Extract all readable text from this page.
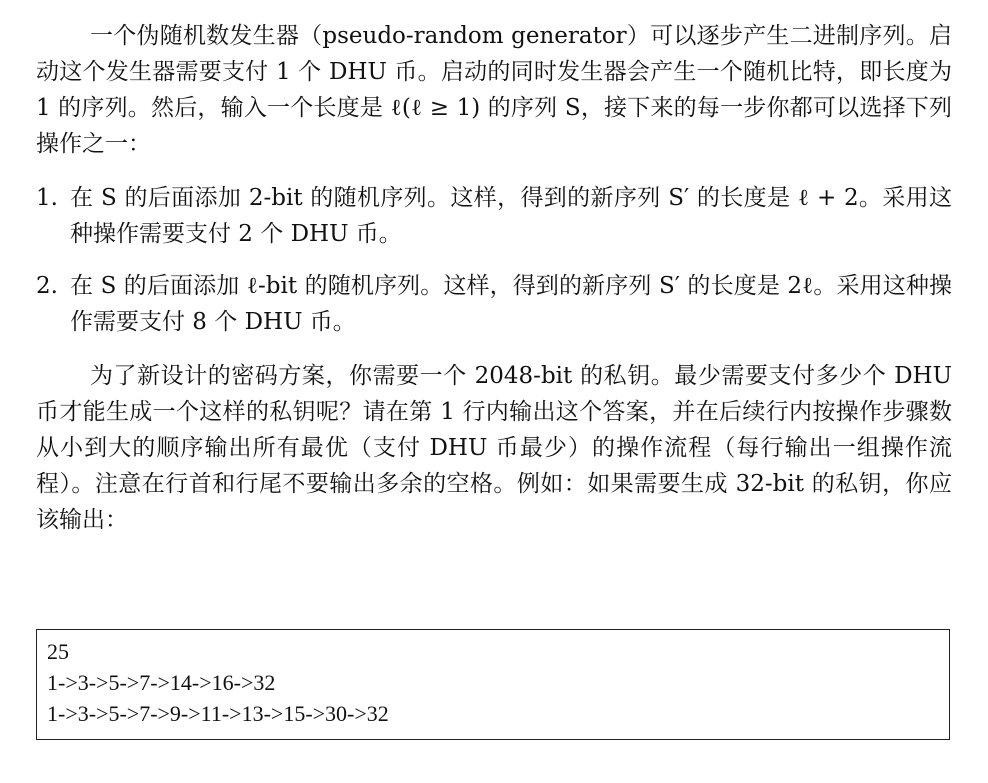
一个伪随机数发生器（pseudo-random generator）可以逐步产生二进制序列。启动这个发生器需要支付 1 个 DHU 币。启动的同时发生器会产生一个随机比特，即长度为 1 的序列。然后，输入一个长度是 ℓ(ℓ ≥ 1) 的序列 S，接下来的每一步你都可以选择下列操作之一：

1. 在 S 的后面添加 2-bit 的随机序列。这样，得到的新序列 S′ 的长度是 ℓ + 2。采用这种操作需要支付 2 个 DHU 币。
2. 在 S 的后面添加 ℓ-bit 的随机序列。这样，得到的新序列 S′ 的长度是 2ℓ。采用这种操作需要支付 8 个 DHU 币。

为了新设计的密码方案，你需要一个 2048-bit 的私钥。最少需要支付多少个 DHU 币才能生成一个这样的私钥呢？请在第 1 行内输出这个答案，并在后续行内按操作步骤数从小到大的顺序输出所有最优（支付 DHU 币最少）的操作流程（每行输出一组操作流程）。注意在行首和行尾不要输出多余的空格。例如：如果需要生成 32-bit 的私钥，你应该输出：

25
1->3->5->7->14->16->32
1->3->5->7->9->11->13->15->30->32
